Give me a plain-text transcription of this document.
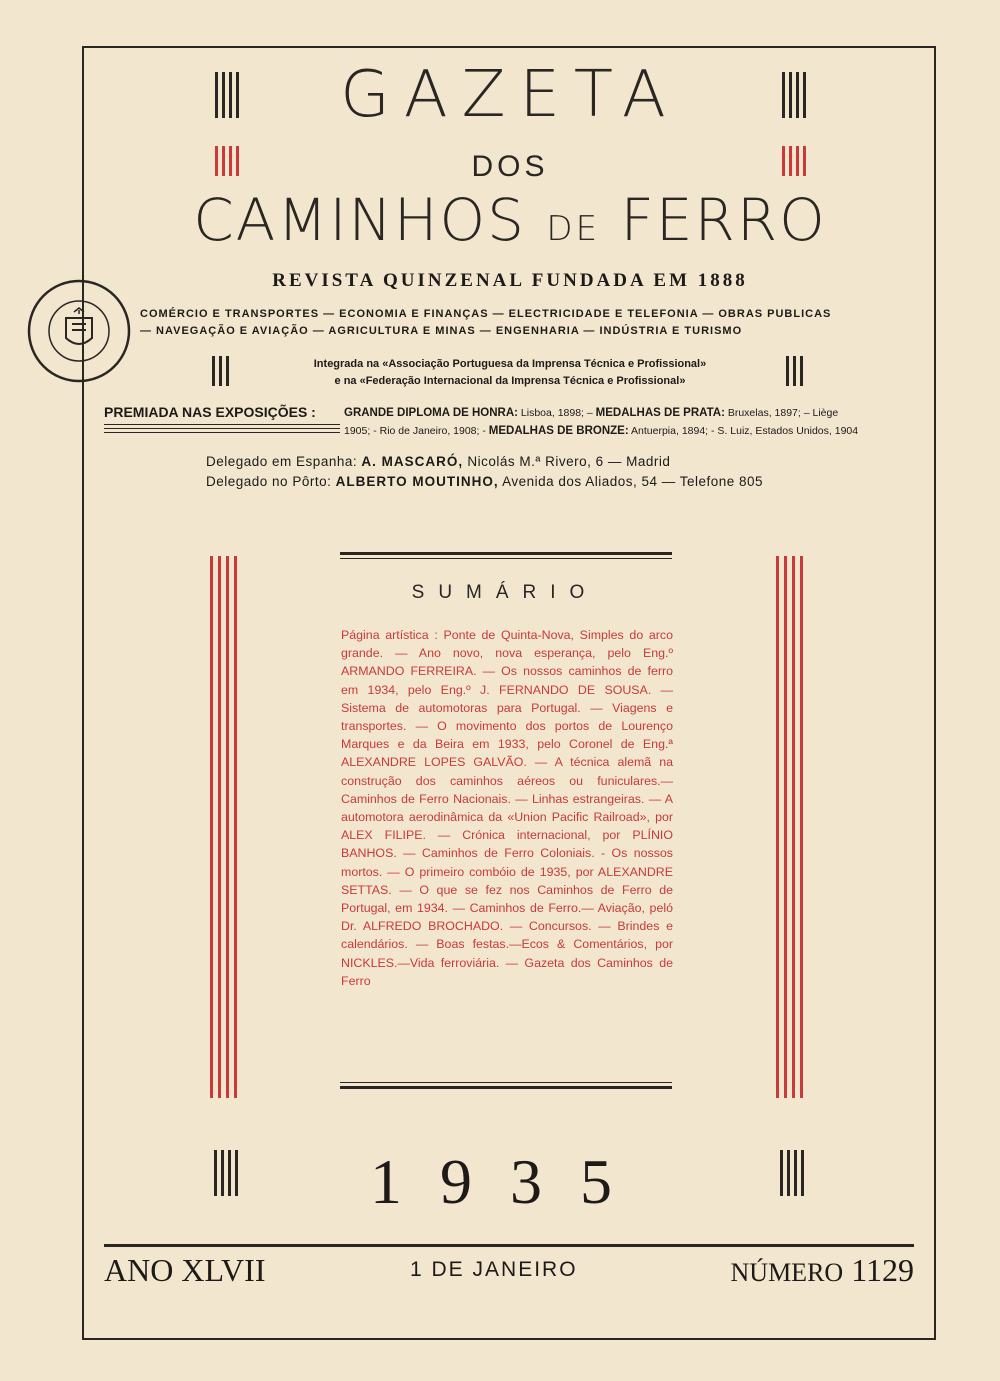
GAZETA
DOS
CAMINHOS DE FERRO
REVISTA QUINZENAL FUNDADA EM 1888
COMÉRCIO E TRANSPORTES — ECONOMIA E FINANÇAS — ELECTRICIDADE E TELEFONIA — OBRAS PUBLICAS
— NAVEGAÇÃO E AVIAÇÃO — AGRICULTURA E MINAS — ENGENHARIA — INDÚSTRIA E TURISMO
Integrada na «Associação Portuguesa da Imprensa Técnica e Profissional»
e na «Federação Internacional da Imprensa Técnica e Profissional»
PREMIADA NAS EXPOSIÇÕES :	GRANDE DIPLOMA DE HONRA: Lisboa, 1898; – MEDALHAS DE PRATA: Bruxelas, 1897; – Liège
1905; - Rio de Janeiro, 1908; - MEDALHAS DE BRONZE: Antuerpia, 1894; - S. Luiz, Estados Unidos, 1904
Delegado em Espanha: A. MASCARÓ, Nicolás M.ª Rivero, 6 — Madrid
Delegado no Pôrto: ALBERTO MOUTINHO, Avenida dos Aliados, 54 — Telefone 805
SUMÁRIO
Página artística : Ponte de Quinta-Nova, Simples do arco grande. — Ano novo, nova esperança, pelo Eng.º ARMANDO FERREIRA. — Os nossos caminhos de ferro em 1934, pelo Eng.º J. FERNANDO DE SOUSA. — Sistema de automotoras para Portugal. — Viagens e transportes. — O movimento dos portos de Lourenço Marques e da Beira em 1933, pelo Coronel de Eng.ª ALEXANDRE LOPES GALVÃO. — A técnica alemã na construção dos caminhos aéreos ou funiculares.— Caminhos de Ferro Nacionais. — Linhas estrangeiras. — A automotora aerodinâmica da «Union Pacific Railroad», por ALEX FILIPE. — Crónica internacional, por PLÍNIO BANHOS. — Caminhos de Ferro Coloniais. - Os nossos mortos. — O primeiro combóio de 1935, por ALEXANDRE SETTAS. — O que se fez nos Caminhos de Ferro de Portugal, em 1934. — Caminhos de Ferro.— Aviação, peló Dr. ALFREDO BROCHADO. — Concursos. — Brindes e calendários. — Boas festas.—Ecos & Comentários, por NICKLES.—Vida ferroviária. — Gazeta dos Caminhos de Ferro
1935
ANO XLVII	1 DE JANEIRO	NÚMERO 1129
